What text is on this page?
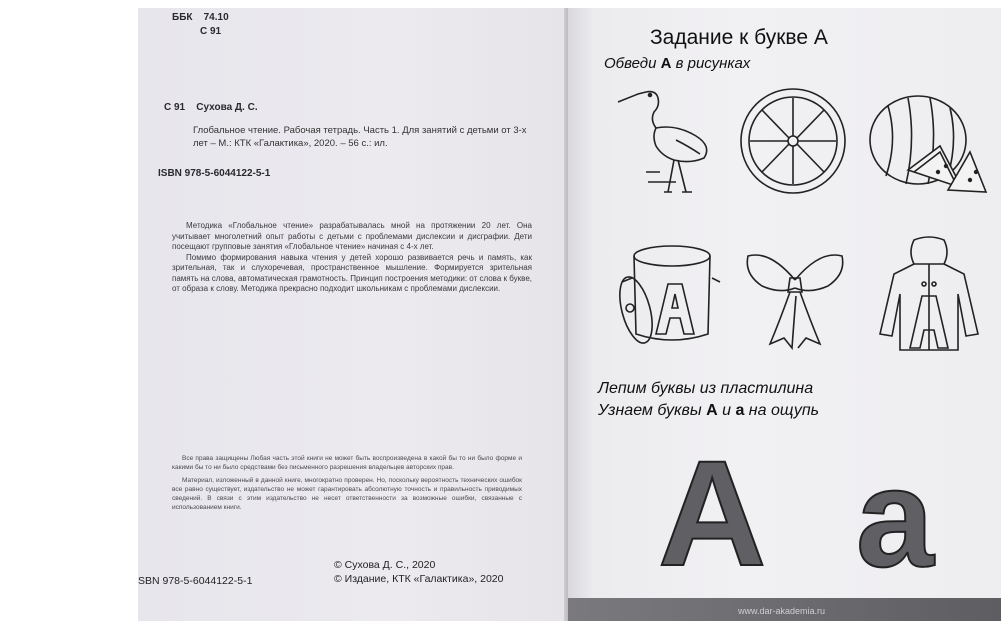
ББК 74.10
С 91
С 91 Сухова Д. С.
Глобальное чтение. Рабочая тетрадь. Часть 1. Для занятий с детьми от 3-х лет – М.: КТК «Галактика», 2020. – 56 с.: ил.
ISBN 978-5-6044122-5-1

Методика «Глобальное чтение» разрабатывалась мной на протяжении 20 лет. Она учитывает многолетний опыт работы с детьми с проблемами дислексии и дисграфии. Дети посещают групповые занятия «Глобальное чтение» начиная с 4-х лет.

Помимо формирования навыка чтения у детей хорошо развивается речь и память, как зрительная, так и слухоречевая, пространственное мышление. Формируется зрительная память на слова, автоматическая грамотность. Принцип построения методики: от слова к букве, от образа к слову. Методика прекрасно подходит школьникам с проблемами дислексии.

Все права защищены Любая часть этой книги не может быть воспроизведена в какой бы то ни было форме и какими бы то ни было средствами без письменного разрешения владельцев авторских прав.

Материал, изложенный в данной книге, многократно проверен. Но, поскольку вероятность технических ошибок все равно существует, издательство не может гарантировать абсолютную точность и правильность приводимых сведений. В связи с этим издательство не несет ответственности за возможные ошибки, связанные с использованием книги.

SBN 978-5-6044122-5-1
© Сухова Д. С., 2020
© Издание, КТК «Галактика», 2020
Задание к букве А
Обведи А в рисунках
Лепим буквы из пластилина
Узнаем буквы А и а на ощупь
А а
www.dar-akademia.ru
